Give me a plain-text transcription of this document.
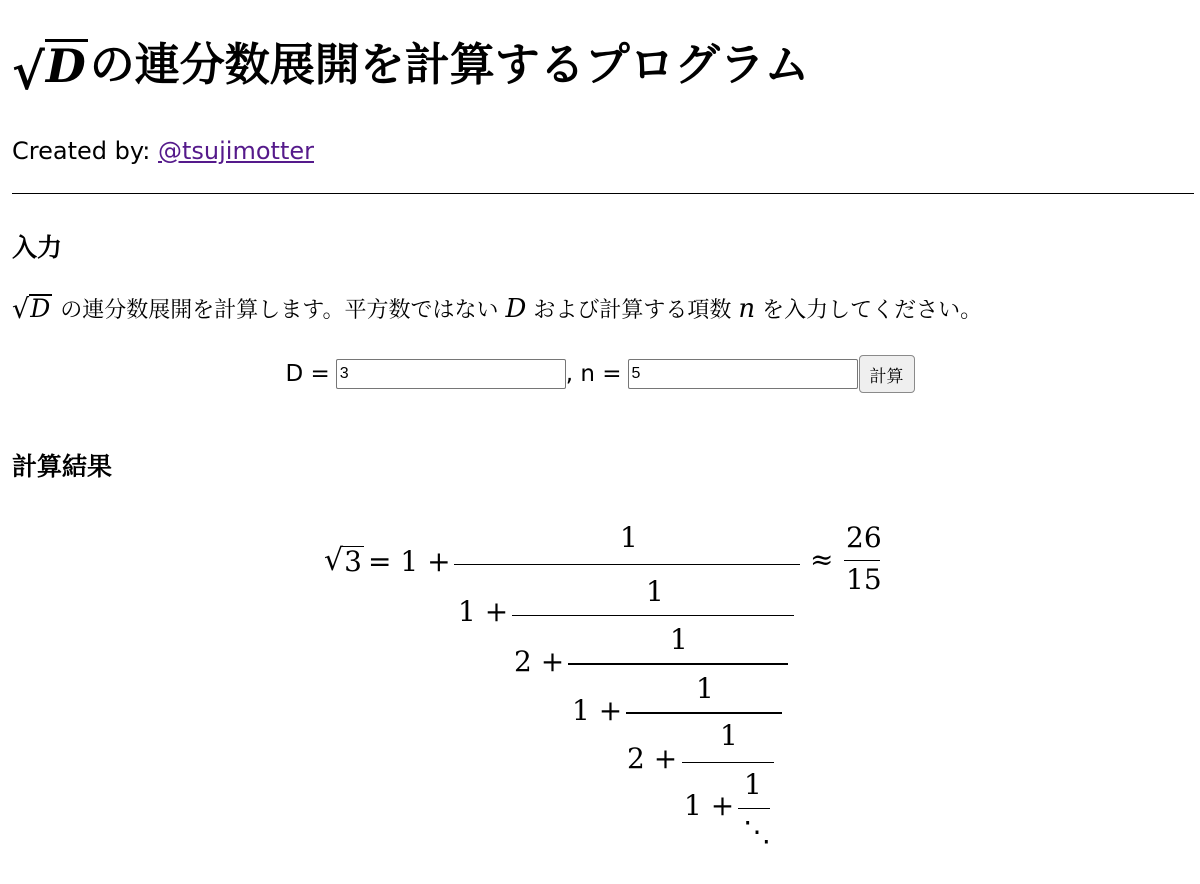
√ D の連分数展開を計算するプログラム

Created by: @tsujimotter

入力

√ D の連分数展開を計算します。平方数ではない D および計算する項数 n を入力してください。

D =
3	, n =
5	計算
計算結果
√ 3 = 1 +
1
1 +
1
2 +
1
1 +
1
2 +
1
1 +
1
⋱
≈
26
15
